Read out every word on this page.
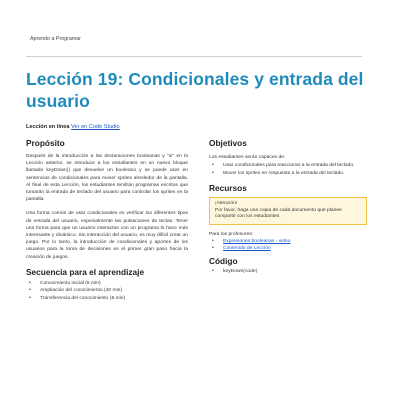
Aprendo a Programar
Lección 19: Condicionales y entrada del usuario
Lección en línea Ver en Code Studio
Propósito

Después de la introducción a las declaraciones booleanas y "si" en la Lección anterior, se introduce a los estudiantes en un nuevo bloque llamado keyDown() que devuelve un booleano y se puede usar en sentencias de condicionales para mover sprites alrededor de la pantalla. Al final de esta Lección, los estudiantes tendrán programas escritos que tomarán la entrada de teclado del usuario para controlar los sprites en la pantalla.

Una forma común de usar condicionales es verificar los diferentes tipos de entrada del usuario, especialmente las pulsaciones de teclas. Tener una forma para que un usuario interactúe con un programa lo hace más interesante y dinámico. Sin interacción del usuario, es muy difícil crear un juego. Por lo tanto, la introducción de condicionales y aportes de los usuarios para la toma de decisiones es el primer gran paso hacia la creación de juegos.

Secuencia para el aprendizaje
• Conocimiento inicial (5 min)
• Ampliación del conocimiento (40 min)
• Transferencia del conocimiento (5 min)
Objetivos

Los estudiantes serán capaces de:

• Usar condicionales para reaccionar a la entrada del teclado.
• Mover los sprites en respuesta a la entrada del teclado.
Recursos
¡Atención!
Por favor, haga una copia de cada documento que planee compartir con los estudiantes.

Para los profesores:

• Expresiones booleanas - video
• Contenido de Lección
Código
• keyDown(code)
